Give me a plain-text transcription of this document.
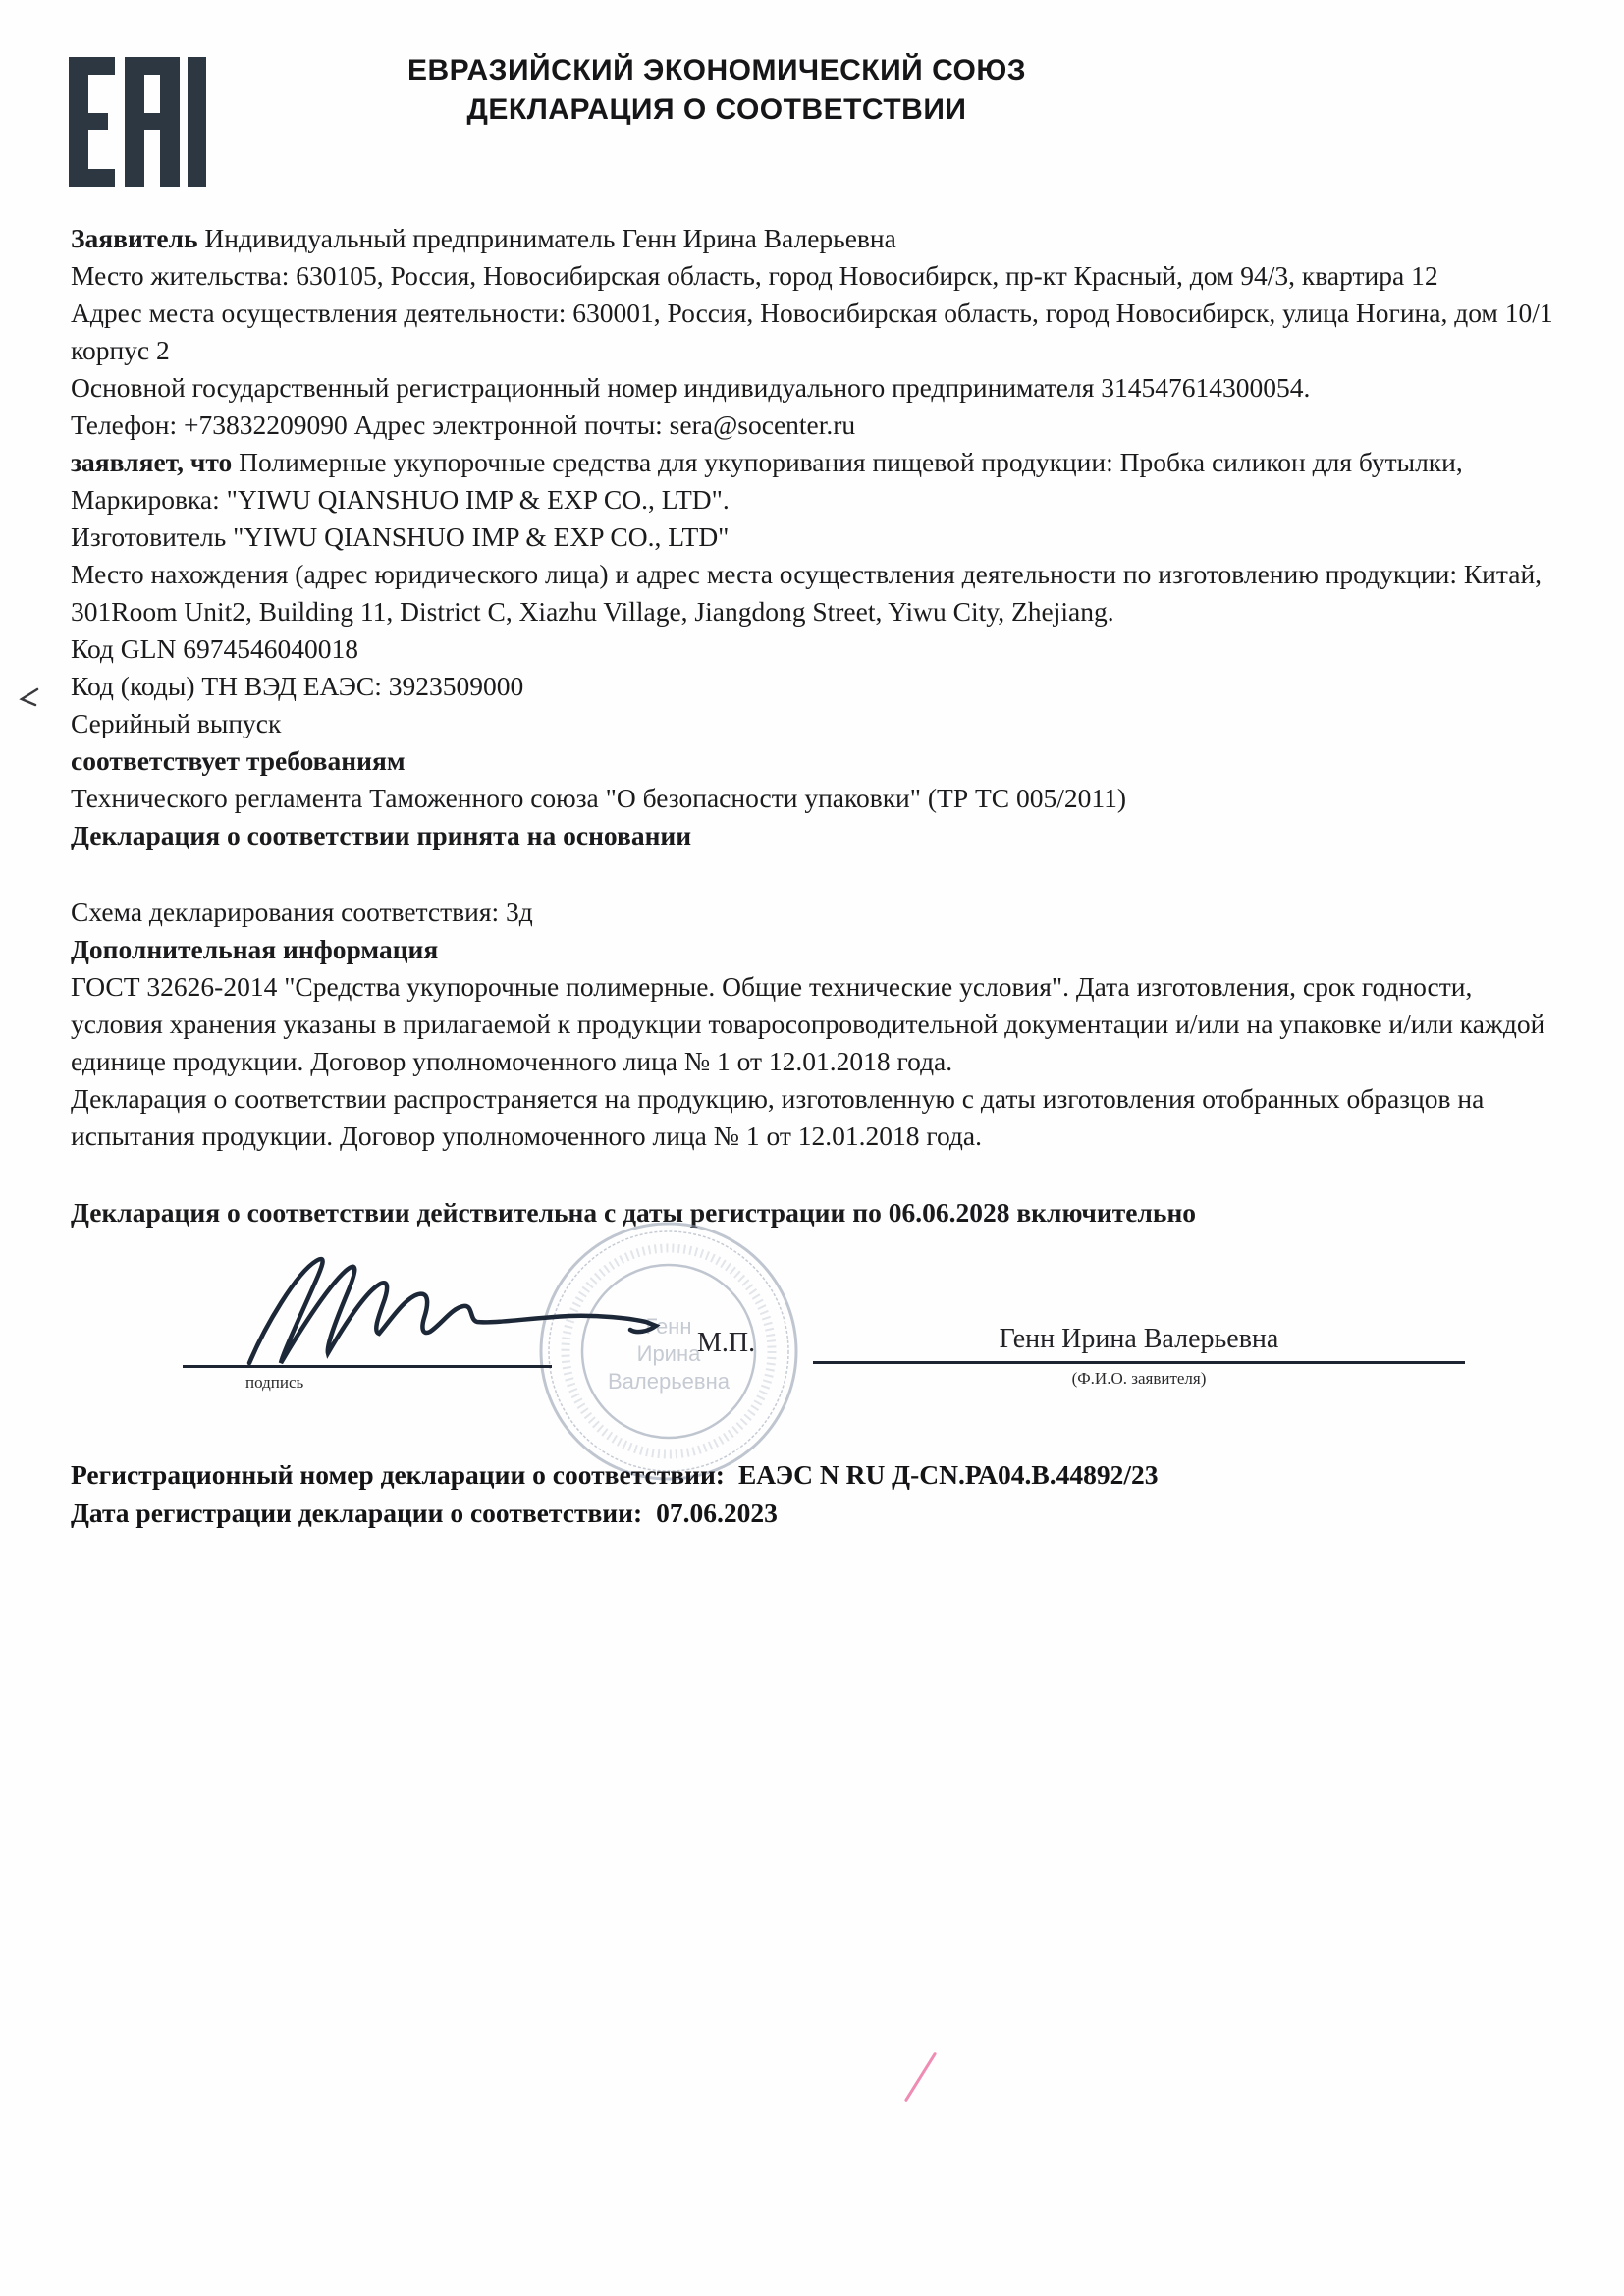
ЕВРАЗИЙСКИЙ ЭКОНОМИЧЕСКИЙ СОЮЗ
ДЕКЛАРАЦИЯ О СООТВЕТСТВИИ

Заявитель Индивидуальный предприниматель Генн Ирина Валерьевна

Место жительства: 630105, Россия, Новосибирская область, город Новосибирск, пр-кт Красный, дом 94/3, квартира 12

Адрес места осуществления деятельности: 630001, Россия, Новосибирская область, город Новосибирск, улица Ногина, дом 10/1 корпус 2

Основной государственный регистрационный номер индивидуального предпринимателя 314547614300054.

Телефон: +73832209090 Адрес электронной почты: sera@socenter.ru

заявляет, что Полимерные укупорочные средства для укупоривания пищевой продукции: Пробка силикон для бутылки, Маркировка: "YIWU QIANSHUO IMP & EXP CO., LTD".

Изготовитель "YIWU QIANSHUO IMP & EXP CO., LTD"

Место нахождения (адрес юридического лица) и адрес места осуществления деятельности по изготовлению продукции: Китай, 301Room Unit2, Building 11, District C, Xiazhu Village, Jiangdong Street, Yiwu City, Zhejiang.

Код GLN 6974546040018

Код (коды) ТН ВЭД ЕАЭС: 3923509000

Серийный выпуск

соответствует требованиям

Технического регламента Таможенного союза "О безопасности упаковки" (ТР ТС 005/2011)

Декларация о соответствии принята на основании

Схема декларирования соответствия: 3д

Дополнительная информация

ГОСТ 32626-2014 "Средства укупорочные полимерные. Общие технические условия". Дата изготовления, срок годности, условия хранения указаны в прилагаемой к продукции товаросопроводительной документации и/или на упаковке и/или каждой единице продукции. Договор уполномоченного лица № 1 от 12.01.2018 года.

Декларация о соответствии распространяется на продукцию, изготовленную с даты изготовления отобранных образцов на испытания продукции. Договор уполномоченного лица № 1 от 12.01.2018 года.

Декларация о соответствии действительна с даты регистрации по 06.06.2028 включительно

Генн
Ирина
Валерьевна
подпись
М.П.	Генн Ирина Валерьевна
(Ф.И.О. заявителя)
Регистрационный номер декларации о соответствии: ЕАЭС N RU Д-CN.РА04.В.44892/23
Дата регистрации декларации о соответствии: 07.06.2023
